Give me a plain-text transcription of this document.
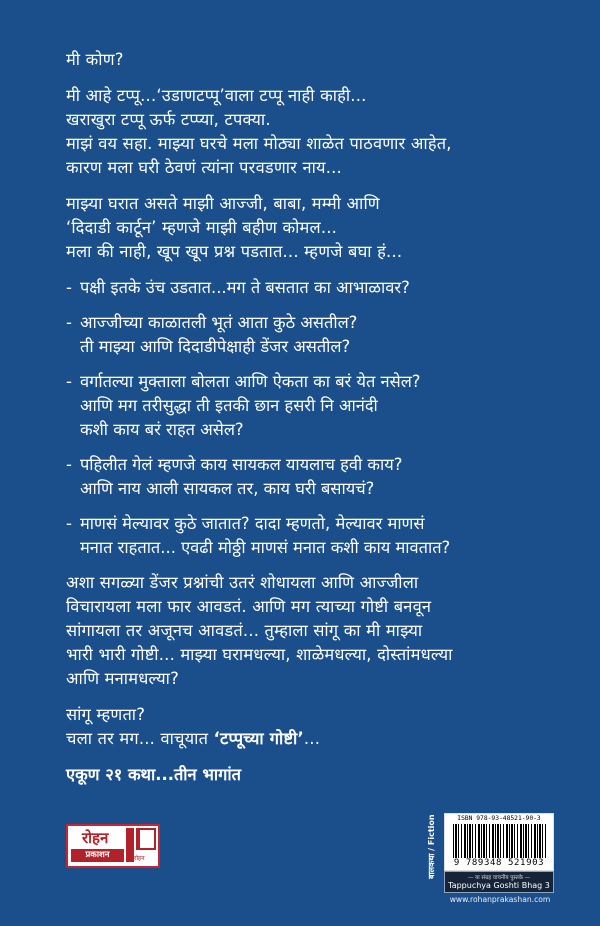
मी कोण?

मी आहे टप्पू...‘उडाणटप्पू’वाला टप्पू नाही काही...
खराखुरा टप्पू ऊर्फ टप्प्या, टपक्या.
माझं वय सहा. माझ्या घरचे मला मोठ्या शाळेत पाठवणार आहेत,
कारण मला घरी ठेवणं त्यांना परवडणार नाय...

माझ्या घरात असते माझी आज्जी, बाबा, मम्मी आणि
‘दिदाडी कार्टून’ म्हणजे माझी बहीण कोमल...
मला की नाही, खूप खूप प्रश्न पडतात... म्हणजे बघा हं...

- पक्षी इतके उंच उडतात...मग ते बसतात का आभाळावर?
- आज्जीच्या काळातली भूतं आता कुठे असतील?
ती माझ्या आणि दिदाडीपेक्षाही डेंजर असतील?
- वर्गातल्या मुक्ताला बोलता आणि ऐकता का बरं येत नसेल?
आणि मग तरीसुद्धा ती इतकी छान हसरी नि आनंदी
कशी काय बरं राहत असेल?
- पहिलीत गेलं म्हणजे काय सायकल यायलाच हवी काय?
आणि नाय आली सायकल तर, काय घरी बसायचं?
- माणसं मेल्यावर कुठे जातात? दादा म्हणतो, मेल्यावर माणसं
मनात राहतात... एवढी मोठ्ठी माणसं मनात कशी काय मावतात?

अशा सगळ्या डेंजर प्रश्नांची उतरं शोधायला आणि आज्जीला
विचारायला मला फार आवडतं. आणि मग त्याच्या गोष्टी बनवून
सांगायला तर अजूनच आवडतं... तुम्हाला सांगू का मी माझ्या
भारी भारी गोष्टी... माझ्या घरामधल्या, शाळेमधल्या, दोस्तांमधल्या
आणि मनामधल्या?

सांगू म्हणता?
चला तर मग... वाचूयात ‘टप्पूच्या गोष्टी’...

एकूण २१ कथा...तीन भागांत
रोहन
प्रकाशन	रोहन	बालकथा / Fiction	ISBN 978-93-48521-90-3
9 789348 521903
— या संग्रह वाचनीय पुस्तके —
Tappuchya Goshti Bhag 3
www.rohanprakashan.com
